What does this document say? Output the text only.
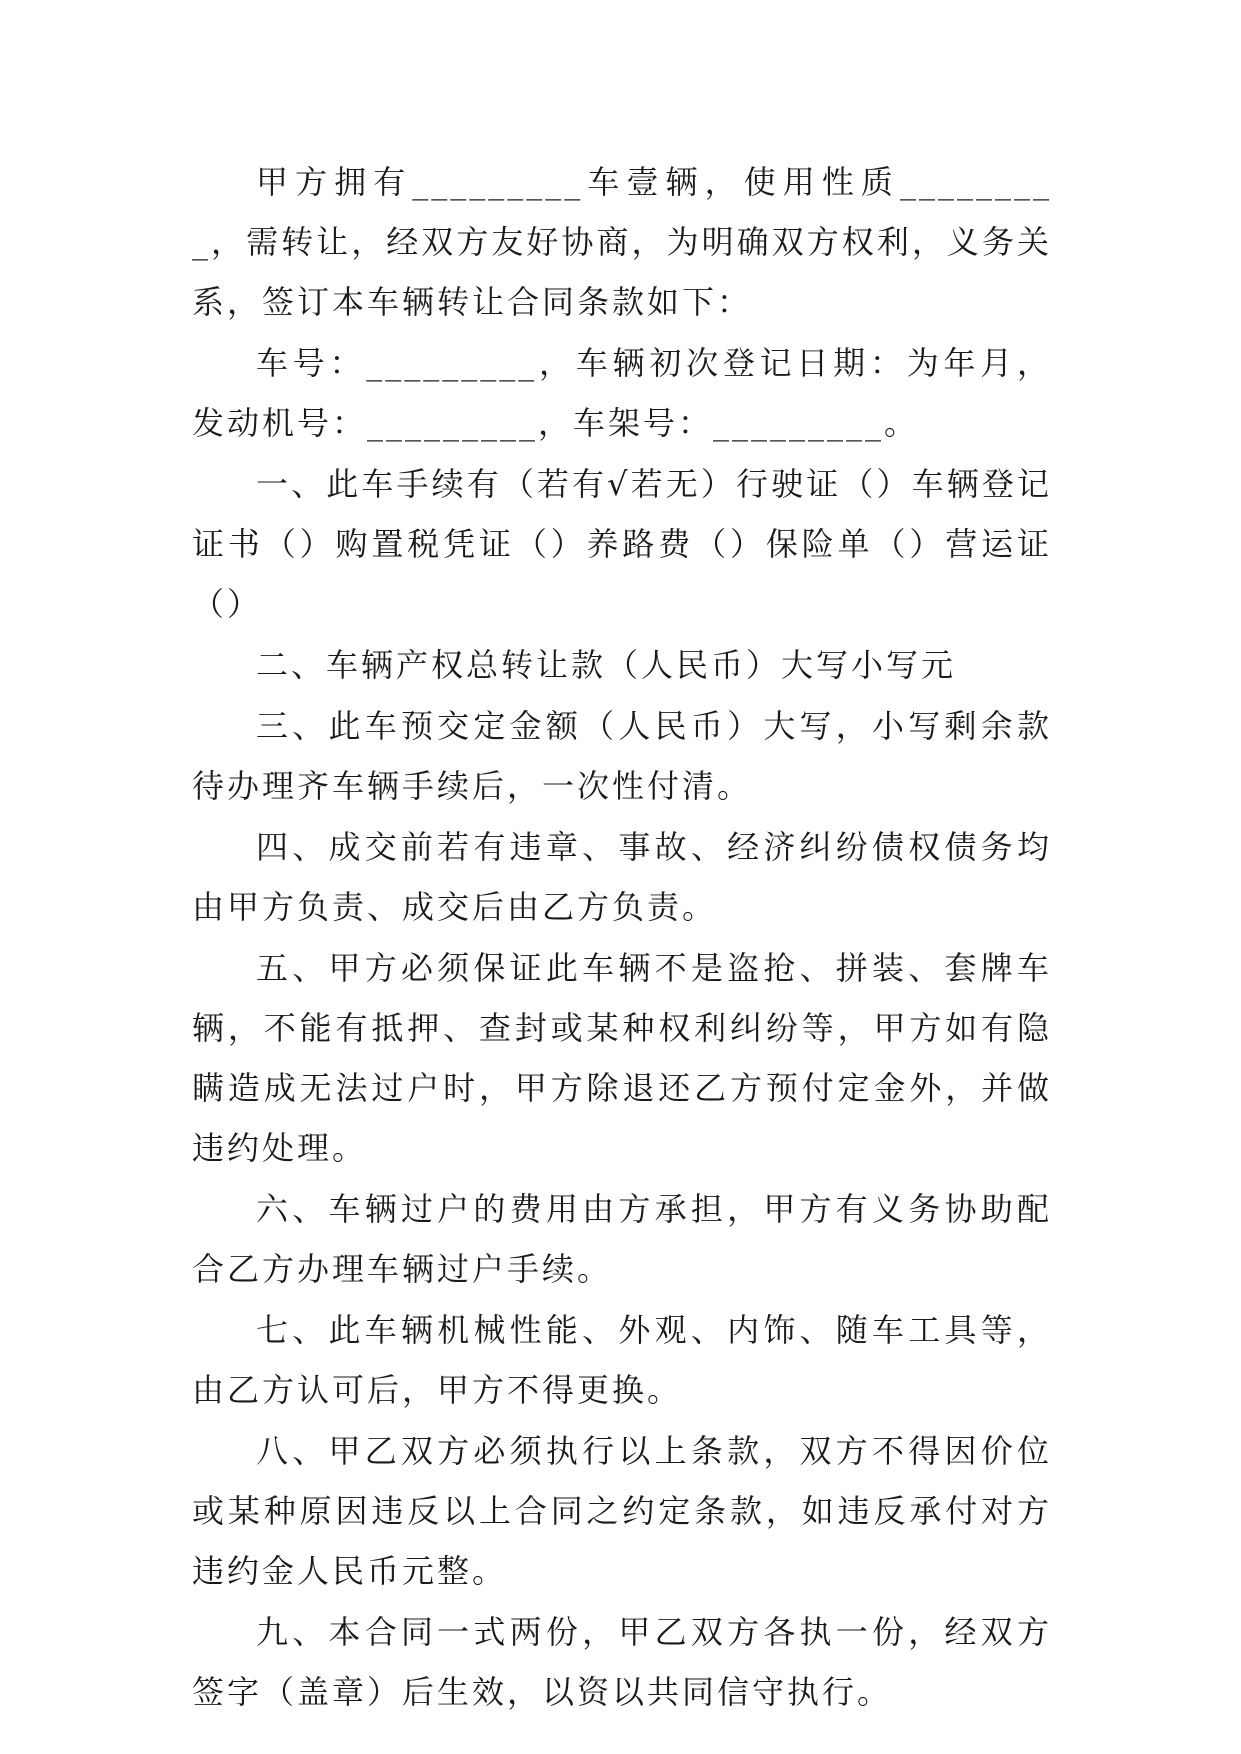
甲方拥有_________车壹辆，使用性质_________，需转让，经双方友好协商，为明确双方权利，义务关系，签订本车辆转让合同条款如下：

车号：_________，车辆初次登记日期：为年月，发动机号：_________，车架号：_________。

一、此车手续有（若有√若无）行驶证（）车辆登记证书（）购置税凭证（）养路费（）保险单（）营运证（）

二、车辆产权总转让款（人民币）大写小写元

三、此车预交定金额（人民币）大写，小写剩余款待办理齐车辆手续后，一次性付清。

四、成交前若有违章、事故、经济纠纷债权债务均由甲方负责、成交后由乙方负责。

五、甲方必须保证此车辆不是盗抢、拼装、套牌车辆，不能有抵押、查封或某种权利纠纷等，甲方如有隐瞒造成无法过户时，甲方除退还乙方预付定金外，并做违约处理。

六、车辆过户的费用由方承担，甲方有义务协助配合乙方办理车辆过户手续。

七、此车辆机械性能、外观、内饰、随车工具等，由乙方认可后，甲方不得更换。

八、甲乙双方必须执行以上条款，双方不得因价位或某种原因违反以上合同之约定条款，如违反承付对方违约金人民币元整。

九、本合同一式两份，甲乙双方各执一份，经双方签字（盖章）后生效，以资以共同信守执行。
